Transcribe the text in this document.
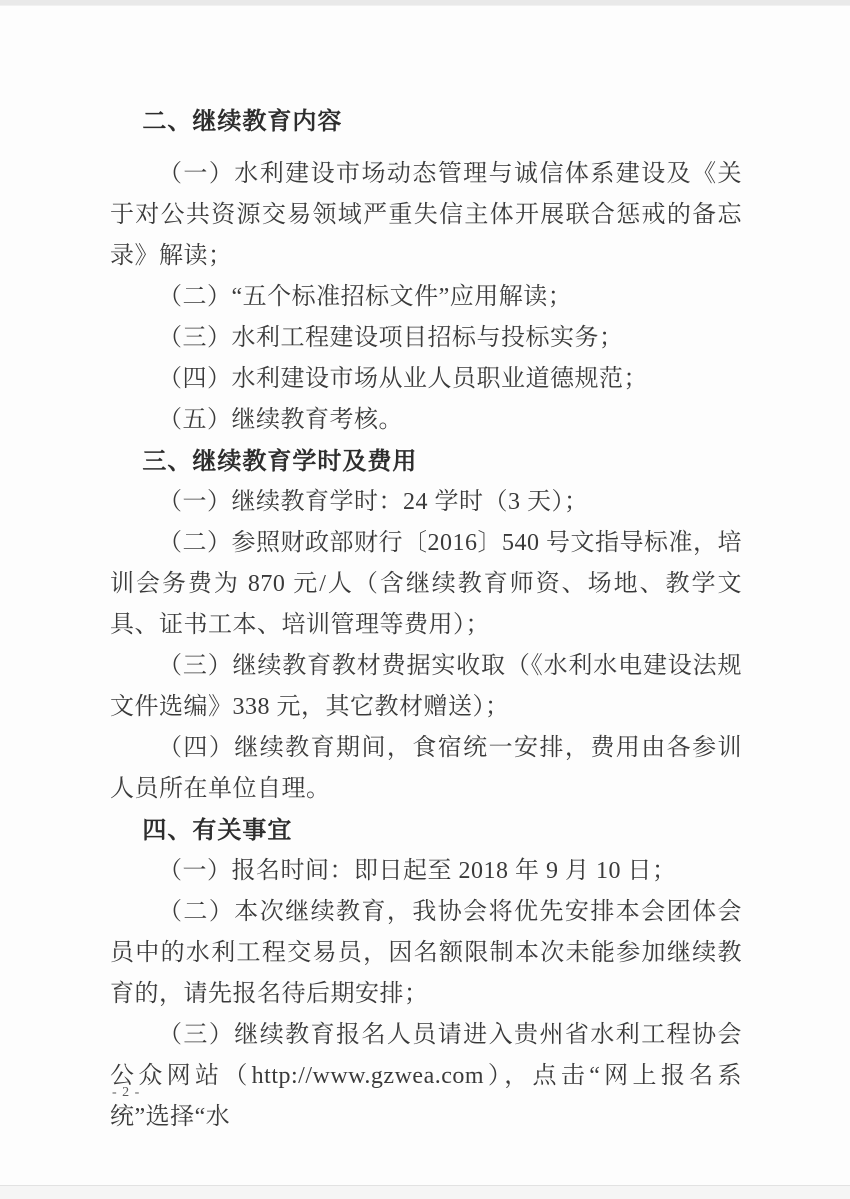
二、继续教育内容

（一）水利建设市场动态管理与诚信体系建设及《关于对公共资源交易领域严重失信主体开展联合惩戒的备忘录》解读；

（二）“五个标准招标文件”应用解读；

（三）水利工程建设项目招标与投标实务；

（四）水利建设市场从业人员职业道德规范；

（五）继续教育考核。

三、继续教育学时及费用

（一）继续教育学时：24 学时（3 天）；

（二）参照财政部财行〔2016〕540 号文指导标准，培训会务费为 870 元/人（含继续教育师资、场地、教学文具、证书工本、培训管理等费用）；

（三）继续教育教材费据实收取（《水利水电建设法规文件选编》338 元，其它教材赠送）；

（四）继续教育期间，食宿统一安排，费用由各参训人员所在单位自理。

四、有关事宜

（一）报名时间：即日起至 2018 年 9 月 10 日；

（二）本次继续教育，我协会将优先安排本会团体会员中的水利工程交易员，因名额限制本次未能参加继续教育的，请先报名待后期安排；

（三）继续教育报名人员请进入贵州省水利工程协会公众网站（http://www.gzwea.com），点击“网上报名系统”选择“水

- 2 -
